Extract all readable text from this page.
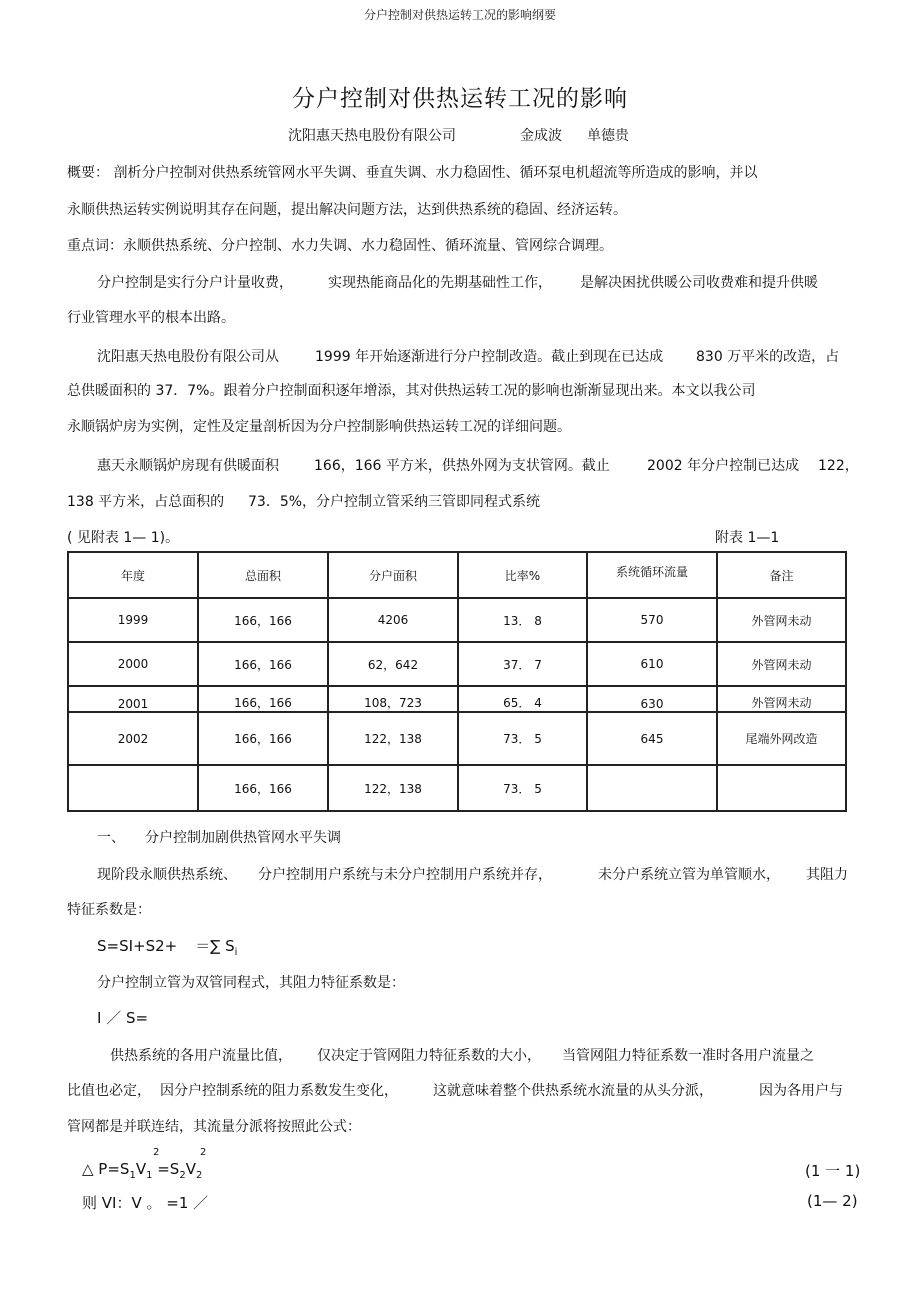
分户控制对供热运转工况的影响纲要
分户控制对供热运转工况的影响
沈阳惠天热电股份有限公司	金成波 单德贵
概要： 剖析分户控制对供热系统管网水平失调、垂直失调、水力稳固性、循环泵电机超流等所造成的影响，并以
永顺供热运转实例说明其存在问题，提出解决问题方法，达到供热系统的稳固、经济运转。
重点词：永顺供热系统、分户控制、水力失调、水力稳固性、循环流量、管网综合调理。
分户控制是实行分户计量收费，	实现热能商品化的先期基础性工作， 是解决困扰供暖公司收费难和提升供暖
行业管理水平的根本出路。
沈阳惠天热电股份有限公司从	1999 年开始逐渐进行分户控制改造。截止到现在已达成 830 万平米的改造，占
总供暖面积的 37．7%。跟着分户控制面积逐年增添，其对供热运转工况的影响也渐渐显现出来。本文以我公司
永顺锅炉房为实例，定性及定量剖析因为分户控制影响供热运转工况的详细问题。
惠天永顺锅炉房现有供暖面积	166，166 平方米，供热外网为支状管网。截止	2002 年分户控制已达成 122，
138 平方米，占总面积的 73．5%，分户控制立管采纳三管即同程式系统
( 见附表 1— 1)。	附表 1—1
年度	总面积	分户面积	比率%	系统循环流量	备注
1999	166，166	4206	13． 8	570	外管网未动
2000	166，166	62，642	37． 7	610	外管网未动
2001	166，166	108，723	65． 4	630	外管网未动
2002	166，166	122，138	73． 5	645	尾端外网改造
	166，166	122，138	73． 5		
一、 分户控制加剧供热管网水平失调
现阶段永顺供热系统、 分户控制用户系统与未分户控制用户系统并存，	未分户系统立管为单管顺水， 其阻力
特征系数是：
S=SI+S2+ ＝∑ $S_i$
分户控制立管为双管同程式，其阻力特征系数是：
I ／ S=
供热系统的各用户流量比值， 仅决定于管网阻力特征系数的大小， 当管网阻力特征系数一准时各用户流量之
比值也必定， 因分户控制系统的阻力系数发生变化，	这就意味着整个供热系统水流量的从头分派，	因为各用户与
管网都是并联连结，其流量分派将按照此公式：
2	2
△ $P=S_1V_1 =S_2V_2$	(1 一 1)
则 VI：V 。 =1 ／	(1— 2)
